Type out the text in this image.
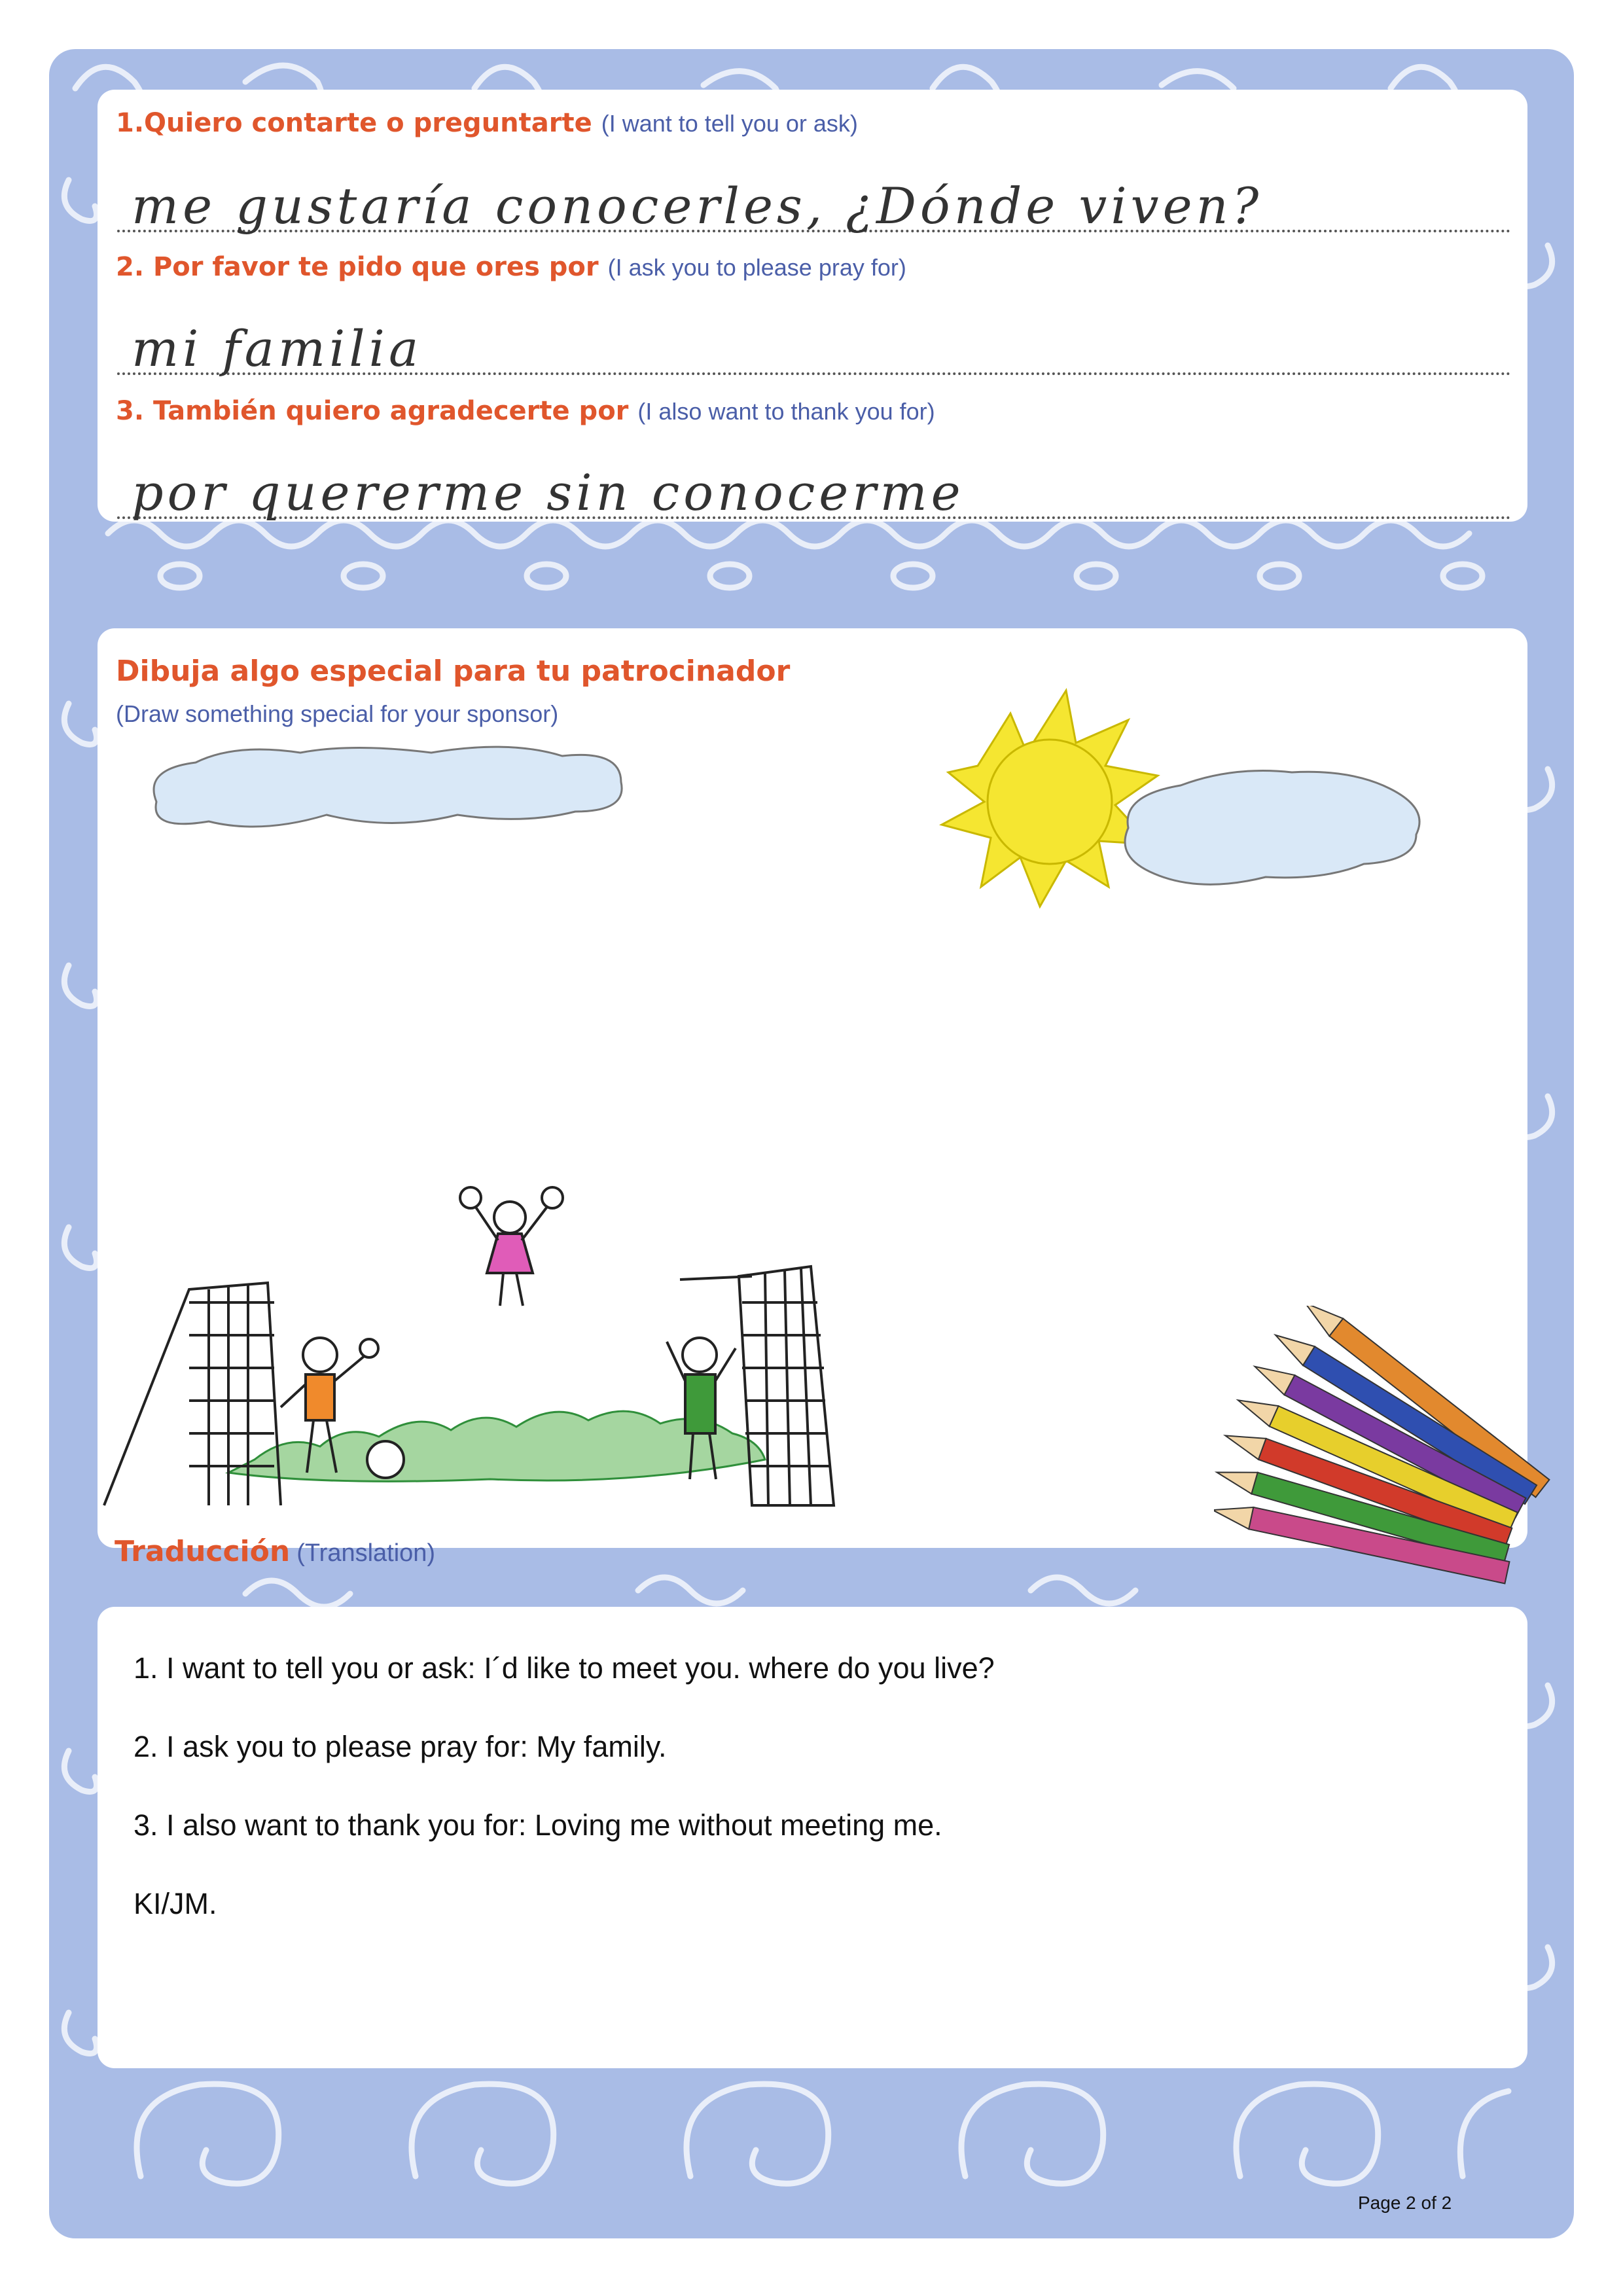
1.Quiero contarte o preguntarte (I want to tell you or ask)
me gustaría conocerles, ¿Dónde viven?
2. Por favor te pido que ores por (I ask you to please pray for)
mi familia
3. También quiero agradecerte por (I also want to thank you for)
por quererme sin conocerme
Dibuja algo especial para tu patrocinador
(Draw something special for your sponsor)
Traducción (Translation)
1. I want to tell you or ask: I´d like to meet you. where do you live?
2. I ask you to please pray for: My family.
3. I also want to thank you for: Loving me without meeting me.
KI/JM.
Page 2 of 2
